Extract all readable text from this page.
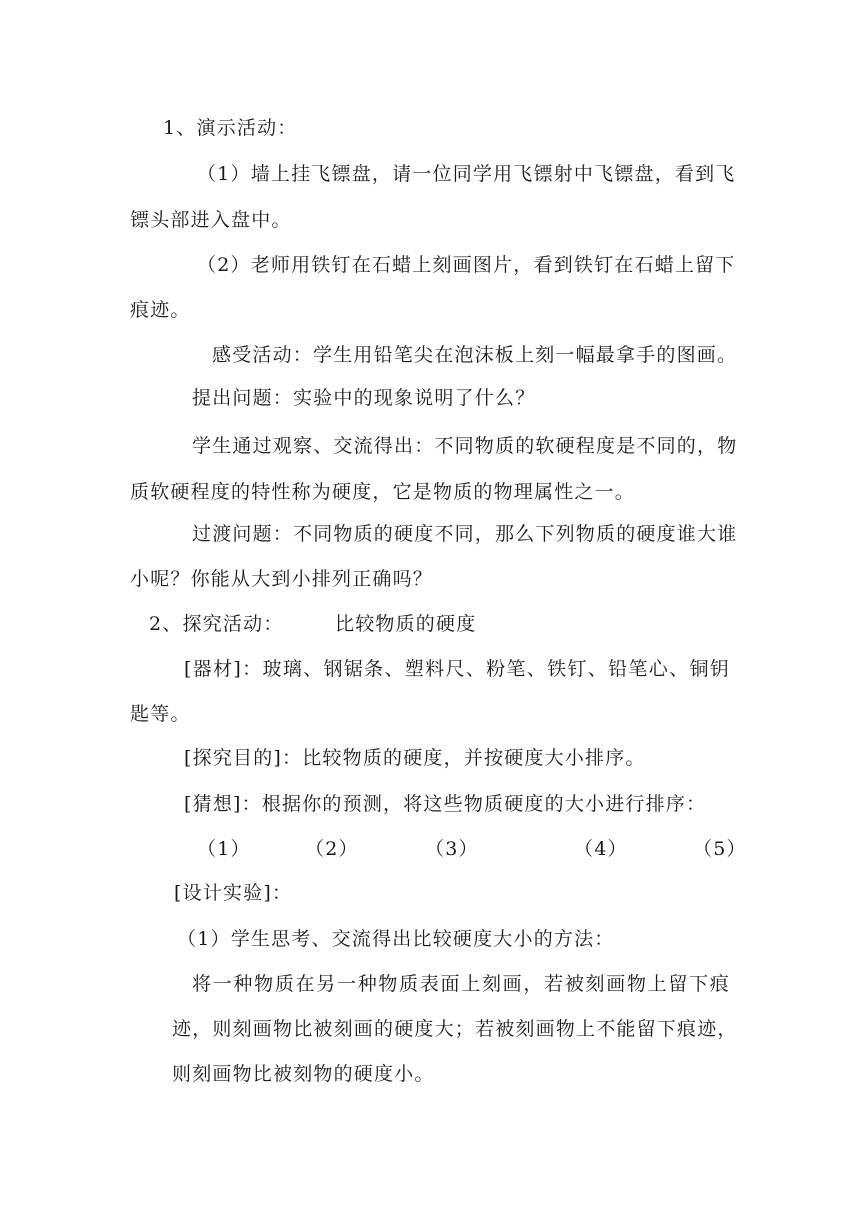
1、演示活动：
（1）墙上挂飞镖盘，请一位同学用飞镖射中飞镖盘，看到飞
镖头部进入盘中。
（2）老师用铁钉在石蜡上刻画图片，看到铁钉在石蜡上留下
痕迹。
感受活动：学生用铅笔尖在泡沫板上刻一幅最拿手的图画。
提出问题：实验中的现象说明了什么？
学生通过观察、交流得出：不同物质的软硬程度是不同的，物
质软硬程度的特性称为硬度，它是物质的物理属性之一。
过渡问题：不同物质的硬度不同，那么下列物质的硬度谁大谁
小呢？你能从大到小排列正确吗？
2、探究活动：	比较物质的硬度
[器材]：玻璃、钢锯条、塑料尺、粉笔、铁钉、铅笔心、铜钥
匙等。
[探究目的]：比较物质的硬度，并按硬度大小排序。
[猜想]：根据你的预测，将这些物质硬度的大小进行排序：
（1）	（2）	（3）	（4）	（5）
[设计实验]：
（1）学生思考、交流得出比较硬度大小的方法：
将一种物质在另一种物质表面上刻画，若被刻画物上留下痕
迹，则刻画物比被刻画的硬度大；若被刻画物上不能留下痕迹，
则刻画物比被刻物的硬度小。
